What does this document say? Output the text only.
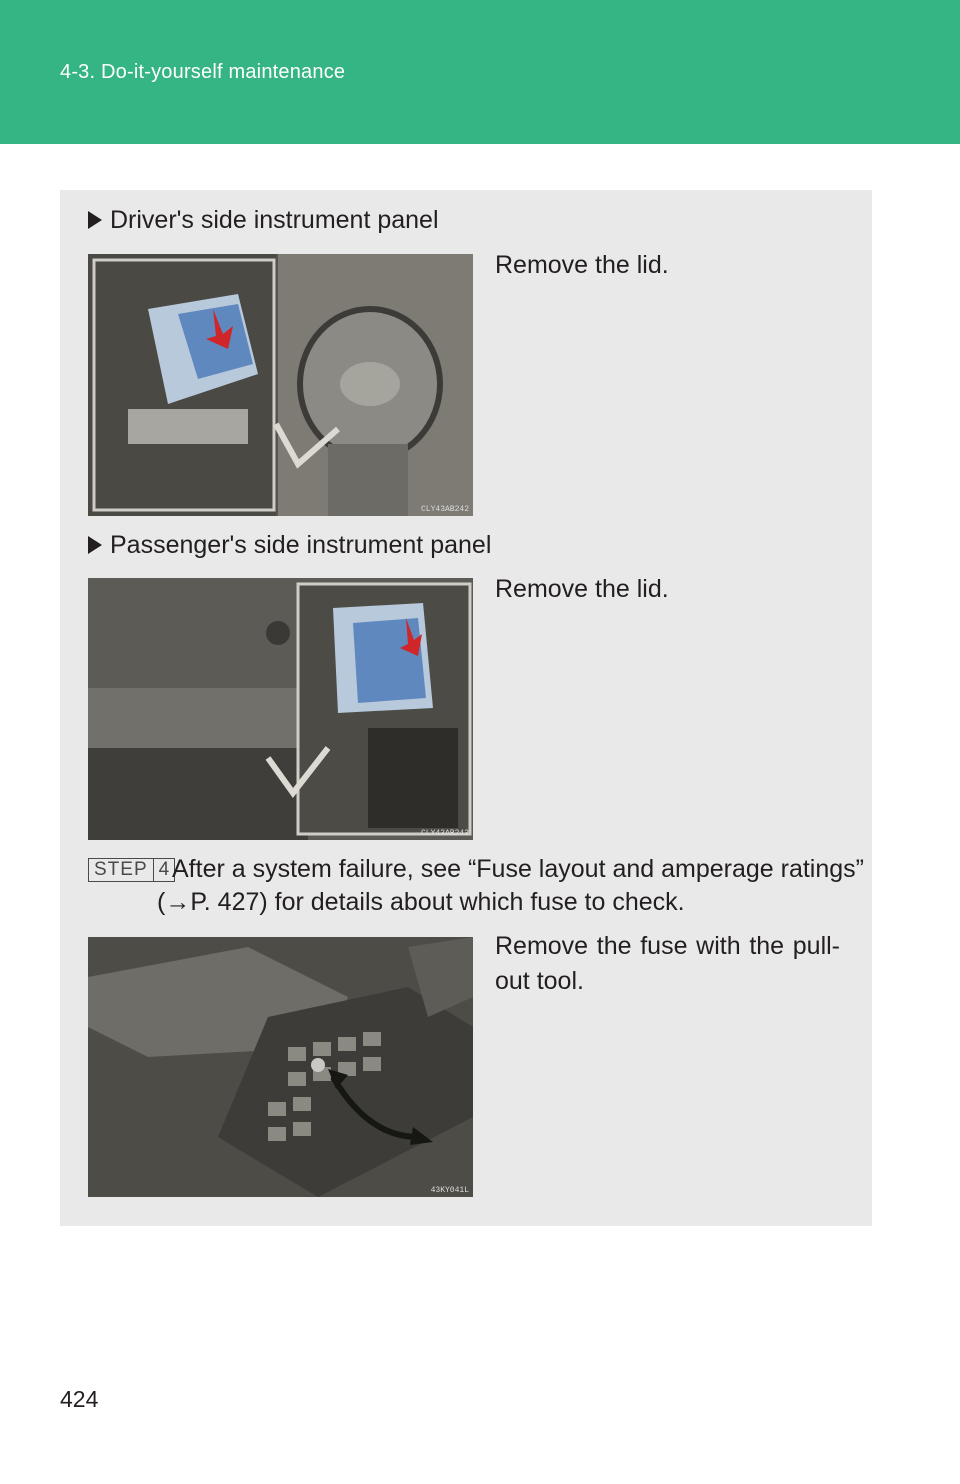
4-3. Do-it-yourself maintenance
Driver's side instrument panel
CLY43AB242
Remove the lid.
Passenger's side instrument panel
CLY43AB243
Remove the lid.
STEP 4 After a system failure, see “Fuse layout and amperage ratings”
(→P. 427) for details about which fuse to check.
43KY041L
Remove the fuse with the pull-
out tool.
424
